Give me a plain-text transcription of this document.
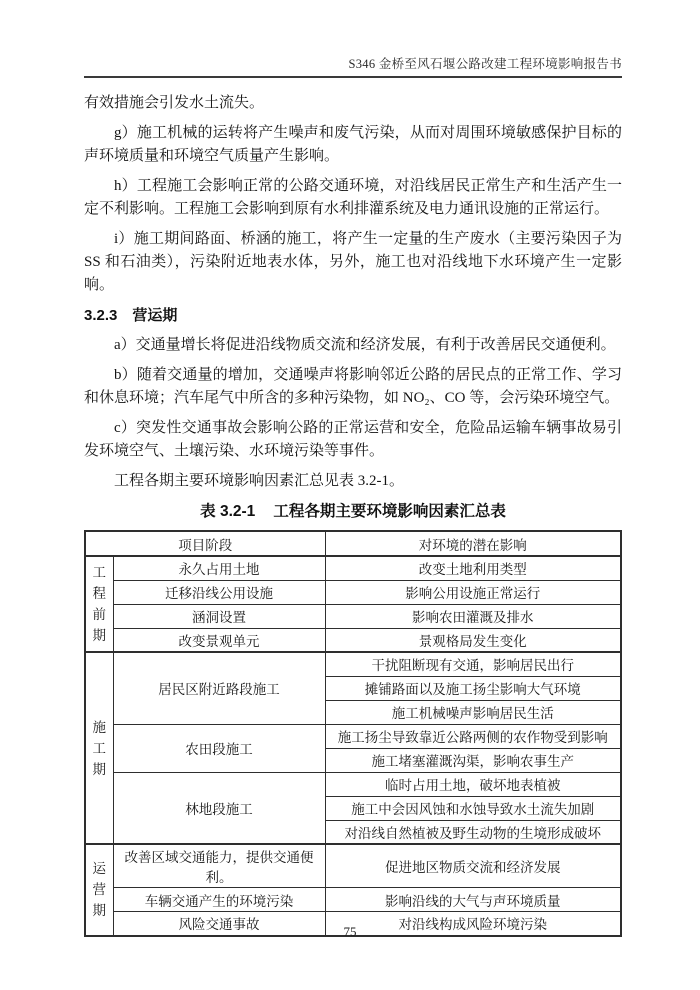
S346 金桥至风石堰公路改建工程环境影响报告书

有效措施会引发水土流失。

g）施工机械的运转将产生噪声和废气污染，从而对周围环境敏感保护目标的声环境质量和环境空气质量产生影响。

h）工程施工会影响正常的公路交通环境，对沿线居民正常生产和生活产生一定不利影响。工程施工会影响到原有水利排灌系统及电力通讯设施的正常运行。

i）施工期间路面、桥涵的施工，将产生一定量的生产废水（主要污染因子为 SS 和石油类），污染附近地表水体，另外，施工也对沿线地下水环境产生一定影响。

3.2.3　营运期

a）交通量增长将促进沿线物质交流和经济发展，有利于改善居民交通便利。

b）随着交通量的增加，交通噪声将影响邻近公路的居民点的正常工作、学习和休息环境；汽车尾气中所含的多种污染物，如 NO₂、CO 等，会污染环境空气。

c）突发性交通事故会影响公路的正常运营和安全，危险品运输车辆事故易引发环境空气、土壤污染、水环境污染等事件。

工程各期主要环境影响因素汇总见表 3.2-1。

表 3.2-1 工程各期主要环境影响因素汇总表
项目阶段		对环境的潜在影响

工程前期	永久占用土地	改变土地利用类型
	迁移沿线公用设施	影响公用设施正常运行
	涵洞设置	影响农田灌溉及排水
	改变景观单元	景观格局发生变化

施工期	居民区附近路段施工	干扰阻断现有交通，影响居民出行
		摊铺路面以及施工扬尘影响大气环境
		施工机械噪声影响居民生活
	农田段施工	施工扬尘导致靠近公路两侧的农作物受到影响
		施工堵塞灌溉沟渠，影响农事生产
	林地段施工	临时占用土地，破坏地表植被
		施工中会因风蚀和水蚀导致水土流失加剧
		对沿线自然植被及野生动物的生境形成破坏

运营期	改善区域交通能力，提供交通便利。	促进地区物质交流和经济发展
	车辆交通产生的环境污染	影响沿线的大气与声环境质量
	风险交通事故	对沿线构成风险环境污染
75
